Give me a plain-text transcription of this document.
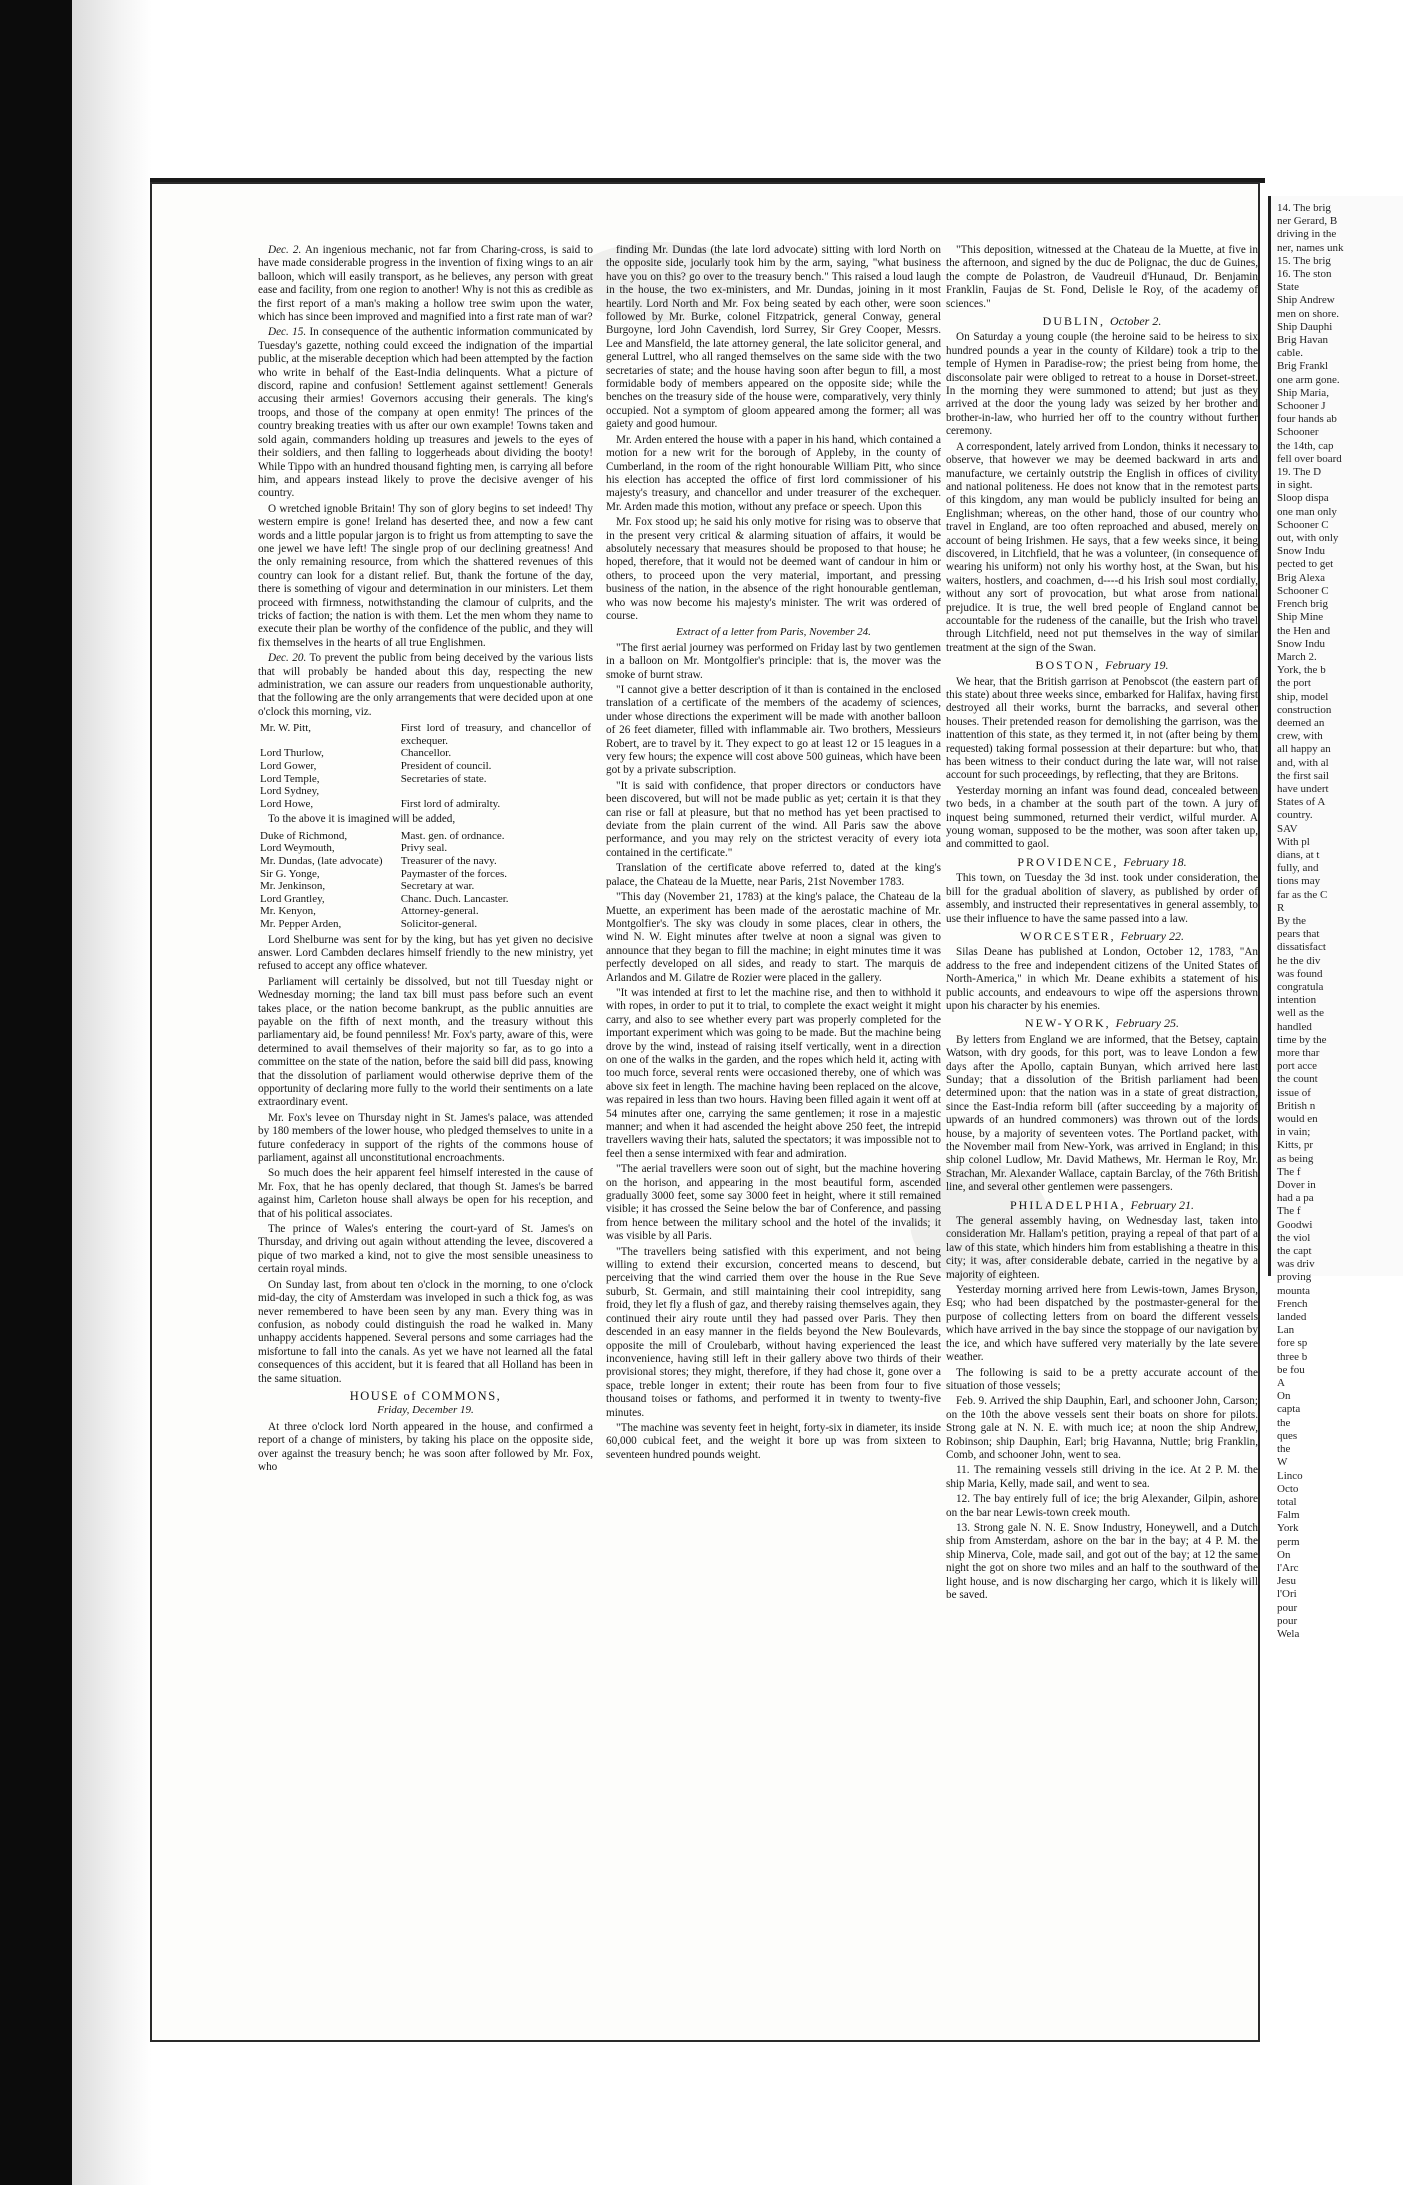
14. The brig
ner Gerard, B
driving in the
ner, names unk
15. The brig
16. The ston
State
Ship Andrew
men on shore.
Ship Dauphi
Brig Havan
cable.
Brig Frankl
one arm gone.
Ship Maria,
Schooner J
four hands ab
Schooner
the 14th, cap
fell over board
19. The D
in sight.
Sloop dispa
one man only
Schooner C
out, with only
Snow Indu
pected to get
Brig Alexa
Schooner C
French brig
Ship Mine
the Hen and
Snow Indu
March 2.
York, the b
the port
ship, model
construction
deemed an
crew, with
all happy an
and, with al
the first sail
have undert
States of A
country.
SAV
With pl
dians, at t
fully, and
tions may
far as the C
R
By the
pears that
dissatisfact
he the div
was found
congratula
intention
well as the
handled
time by the
more thar
port acce
the count
issue of
British n
would en
in vain;
Kitts, pr
as being
The f
Dover in
had a pa
The f
Goodwi
the viol
the capt
was driv
proving
mounta
French
landed
Lan
fore sp
three b
be fou
A
On
capta
the
ques
the
W
Linco
Octo
total
Falm
York
perm
On
l'Arc
Jesu
l'Ori
pour
pour
Wela

Dec. 2. An ingenious mechanic, not far from Charing-cross, is said to have made considerable progress in the invention of fixing wings to an air balloon, which will easily transport, as he believes, any person with great ease and facility, from one region to another! Why is not this as credible as the first report of a man's making a hollow tree swim upon the water, which has since been improved and magnified into a first rate man of war?

Dec. 15. In consequence of the authentic information communicated by Tuesday's gazette, nothing could exceed the indignation of the impartial public, at the miserable deception which had been attempted by the faction who write in behalf of the East-India delinquents. What a picture of discord, rapine and confusion! Settlement against settlement! Generals accusing their armies! Governors accusing their generals. The king's troops, and those of the company at open enmity! The princes of the country breaking treaties with us after our own example! Towns taken and sold again, commanders holding up treasures and jewels to the eyes of their soldiers, and then falling to loggerheads about dividing the booty! While Tippo with an hundred thousand fighting men, is carrying all before him, and appears instead likely to prove the decisive avenger of his country.

O wretched ignoble Britain! Thy son of glory begins to set indeed! Thy western empire is gone! Ireland has deserted thee, and now a few cant words and a little popular jargon is to fright us from attempting to save the one jewel we have left! The single prop of our declining greatness! And the only remaining resource, from which the shattered revenues of this country can look for a distant relief. But, thank the fortune of the day, there is something of vigour and determination in our ministers. Let them proceed with firmness, notwithstanding the clamour of culprits, and the tricks of faction; the nation is with them. Let the men whom they name to execute their plan be worthy of the confidence of the public, and they will fix themselves in the hearts of all true Englishmen.

Dec. 20. To prevent the public from being deceived by the various lists that will probably be handed about this day, respecting the new administration, we can assure our readers from unquestionable authority, that the following are the only arrangements that were decided upon at one o'clock this morning, viz.

Mr. W. Pitt,	First lord of treasury, and chancellor of exchequer.
Lord Thurlow,	Chancellor.
Lord Gower,	President of council.
Lord Temple,	Secretaries of state.
Lord Sydney,	
Lord Howe,	First lord of admiralty.

To the above it is imagined will be added,

Duke of Richmond,	Mast. gen. of ordnance.
Lord Weymouth,	Privy seal.
Mr. Dundas, (late advocate)	Treasurer of the navy.
Sir G. Yonge,	Paymaster of the forces.
Mr. Jenkinson,	Secretary at war.
Lord Grantley,	Chanc. Duch. Lancaster.
Mr. Kenyon,	Attorney-general.
Mr. Pepper Arden,	Solicitor-general.

Lord Shelburne was sent for by the king, but has yet given no decisive answer. Lord Cambden declares himself friendly to the new ministry, yet refused to accept any office whatever.

Parliament will certainly be dissolved, but not till Tuesday night or Wednesday morning; the land tax bill must pass before such an event takes place, or the nation become bankrupt, as the public annuities are payable on the fifth of next month, and the treasury without this parliamentary aid, be found penniless! Mr. Fox's party, aware of this, were determined to avail themselves of their majority so far, as to go into a committee on the state of the nation, before the said bill did pass, knowing that the dissolution of parliament would otherwise deprive them of the opportunity of declaring more fully to the world their sentiments on a late extraordinary event.

Mr. Fox's levee on Thursday night in St. James's palace, was attended by 180 members of the lower house, who pledged themselves to unite in a future confederacy in support of the rights of the commons house of parliament, against all unconstitutional encroachments.

So much does the heir apparent feel himself interested in the cause of Mr. Fox, that he has openly declared, that though St. James's be barred against him, Carleton house shall always be open for his reception, and that of his political associates.

The prince of Wales's entering the court-yard of St. James's on Thursday, and driving out again without attending the levee, discovered a pique of two marked a kind, not to give the most sensible uneasiness to certain royal minds.

On Sunday last, from about ten o'clock in the morning, to one o'clock mid-day, the city of Amsterdam was inveloped in such a thick fog, as was never remembered to have been seen by any man. Every thing was in confusion, as nobody could distinguish the road he walked in. Many unhappy accidents happened. Several persons and some carriages had the misfortune to fall into the canals. As yet we have not learned all the fatal consequences of this accident, but it is feared that all Holland has been in the same situation.

HOUSE of COMMONS,
Friday, December 19.

At three o'clock lord North appeared in the house, and confirmed a report of a change of ministers, by taking his place on the opposite side, over against the treasury bench; he was soon after followed by Mr. Fox, who

finding Mr. Dundas (the late lord advocate) sitting with lord North on the opposite side, jocularly took him by the arm, saying, "what business have you on this? go over to the treasury bench." This raised a loud laugh in the house, the two ex-ministers, and Mr. Dundas, joining in it most heartily. Lord North and Mr. Fox being seated by each other, were soon followed by Mr. Burke, colonel Fitzpatrick, general Conway, general Burgoyne, lord John Cavendish, lord Surrey, Sir Grey Cooper, Messrs. Lee and Mansfield, the late attorney general, the late solicitor general, and general Luttrel, who all ranged themselves on the same side with the two secretaries of state; and the house having soon after begun to fill, a most formidable body of members appeared on the opposite side; while the benches on the treasury side of the house were, comparatively, very thinly occupied. Not a symptom of gloom appeared among the former; all was gaiety and good humour.

Mr. Arden entered the house with a paper in his hand, which contained a motion for a new writ for the borough of Appleby, in the county of Cumberland, in the room of the right honourable William Pitt, who since his election has accepted the office of first lord commissioner of his majesty's treasury, and chancellor and under treasurer of the exchequer. Mr. Arden made this motion, without any preface or speech. Upon this

Mr. Fox stood up; he said his only motive for rising was to observe that in the present very critical & alarming situation of affairs, it would be absolutely necessary that measures should be proposed to that house; he hoped, therefore, that it would not be deemed want of candour in him or others, to proceed upon the very material, important, and pressing business of the nation, in the absence of the right honourable gentleman, who was now become his majesty's minister. The writ was ordered of course.

Extract of a letter from Paris, November 24.

"The first aerial journey was performed on Friday last by two gentlemen in a balloon on Mr. Montgolfier's principle: that is, the mover was the smoke of burnt straw.

"I cannot give a better description of it than is contained in the enclosed translation of a certificate of the members of the academy of sciences, under whose directions the experiment will be made with another balloon of 26 feet diameter, filled with inflammable air. Two brothers, Messieurs Robert, are to travel by it. They expect to go at least 12 or 15 leagues in a very few hours; the expence will cost above 500 guineas, which have been got by a private subscription.

"It is said with confidence, that proper directors or conductors have been discovered, but will not be made public as yet; certain it is that they can rise or fall at pleasure, but that no method has yet been practised to deviate from the plain current of the wind. All Paris saw the above performance, and you may rely on the strictest veracity of every iota contained in the certificate."

Translation of the certificate above referred to, dated at the king's palace, the Chateau de la Muette, near Paris, 21st November 1783.

"This day (November 21, 1783) at the king's palace, the Chateau de la Muette, an experiment has been made of the aerostatic machine of Mr. Montgolfier's. The sky was cloudy in some places, clear in others, the wind N. W. Eight minutes after twelve at noon a signal was given to announce that they began to fill the machine; in eight minutes time it was perfectly developed on all sides, and ready to start. The marquis de Arlandos and M. Gilatre de Rozier were placed in the gallery.

"It was intended at first to let the machine rise, and then to withhold it with ropes, in order to put it to trial, to complete the exact weight it might carry, and also to see whether every part was properly completed for the important experiment which was going to be made. But the machine being drove by the wind, instead of raising itself vertically, went in a direction on one of the walks in the garden, and the ropes which held it, acting with too much force, several rents were occasioned thereby, one of which was above six feet in length. The machine having been replaced on the alcove, was repaired in less than two hours. Having been filled again it went off at 54 minutes after one, carrying the same gentlemen; it rose in a majestic manner; and when it had ascended the height above 250 feet, the intrepid travellers waving their hats, saluted the spectators; it was impossible not to feel then a sense intermixed with fear and admiration.

"The aerial travellers were soon out of sight, but the machine hovering on the horison, and appearing in the most beautiful form, ascended gradually 3000 feet, some say 3000 feet in height, where it still remained visible; it has crossed the Seine below the bar of Conference, and passing from hence between the military school and the hotel of the invalids; it was visible by all Paris.

"The travellers being satisfied with this experiment, and not being willing to extend their excursion, concerted means to descend, but perceiving that the wind carried them over the house in the Rue Seve suburb, St. Germain, and still maintaining their cool intrepidity, sang froid, they let fly a flush of gaz, and thereby raising themselves again, they continued their airy route until they had passed over Paris. They then descended in an easy manner in the fields beyond the New Boulevards, opposite the mill of Croulebarb, without having experienced the least inconvenience, having still left in their gallery above two thirds of their provisional stores; they might, therefore, if they had chose it, gone over a space, treble longer in extent; their route has been from four to five thousand toises or fathoms, and performed it in twenty to twenty-five minutes.

"The machine was seventy feet in height, forty-six in diameter, its inside 60,000 cubical feet, and the weight it bore up was from sixteen to seventeen hundred pounds weight.

"This deposition, witnessed at the Chateau de la Muette, at five in the afternoon, and signed by the duc de Polignac, the duc de Guines, the compte de Polastron, de Vaudreuil d'Hunaud, Dr. Benjamin Franklin, Faujas de St. Fond, Delisle le Roy, of the academy of sciences."

DUBLIN, October 2.

On Saturday a young couple (the heroine said to be heiress to six hundred pounds a year in the county of Kildare) took a trip to the temple of Hymen in Paradise-row; the priest being from home, the disconsolate pair were obliged to retreat to a house in Dorset-street. In the morning they were summoned to attend; but just as they arrived at the door the young lady was seized by her brother and brother-in-law, who hurried her off to the country without further ceremony.

A correspondent, lately arrived from London, thinks it necessary to observe, that however we may be deemed backward in arts and manufacture, we certainly outstrip the English in offices of civility and national politeness. He does not know that in the remotest parts of this kingdom, any man would be publicly insulted for being an Englishman; whereas, on the other hand, those of our country who travel in England, are too often reproached and abused, merely on account of being Irishmen. He says, that a few weeks since, it being discovered, in Litchfield, that he was a volunteer, (in consequence of wearing his uniform) not only his worthy host, at the Swan, but his waiters, hostlers, and coachmen, d----d his Irish soul most cordially, without any sort of provocation, but what arose from national prejudice. It is true, the well bred people of England cannot be accountable for the rudeness of the canaille, but the Irish who travel through Litchfield, need not put themselves in the way of similar treatment at the sign of the Swan.

BOSTON, February 19.

We hear, that the British garrison at Penobscot (the eastern part of this state) about three weeks since, embarked for Halifax, having first destroyed all their works, burnt the barracks, and several other houses. Their pretended reason for demolishing the garrison, was the inattention of this state, as they termed it, in not (after being by them requested) taking formal possession at their departure: but who, that has been witness to their conduct during the late war, will not raise account for such proceedings, by reflecting, that they are Britons.

Yesterday morning an infant was found dead, concealed between two beds, in a chamber at the south part of the town. A jury of inquest being summoned, returned their verdict, wilful murder. A young woman, supposed to be the mother, was soon after taken up, and committed to gaol.

PROVIDENCE, February 18.

This town, on Tuesday the 3d inst. took under consideration, the bill for the gradual abolition of slavery, as published by order of assembly, and instructed their representatives in general assembly, to use their influence to have the same passed into a law.

WORCESTER, February 22.

Silas Deane has published at London, October 12, 1783, "An address to the free and independent citizens of the United States of North-America," in which Mr. Deane exhibits a statement of his public accounts, and endeavours to wipe off the aspersions thrown upon his character by his enemies.

NEW-YORK, February 25.

By letters from England we are informed, that the Betsey, captain Watson, with dry goods, for this port, was to leave London a few days after the Apollo, captain Bunyan, which arrived here last Sunday; that a dissolution of the British parliament had been determined upon: that the nation was in a state of great distraction, since the East-India reform bill (after succeeding by a majority of upwards of an hundred commoners) was thrown out of the lords house, by a majority of seventeen votes. The Portland packet, with the November mail from New-York, was arrived in England; in this ship colonel Ludlow, Mr. David Mathews, Mr. Herman le Roy, Mr. Strachan, Mr. Alexander Wallace, captain Barclay, of the 76th British line, and several other gentlemen were passengers.

PHILADELPHIA, February 21.

The general assembly having, on Wednesday last, taken into consideration Mr. Hallam's petition, praying a repeal of that part of a law of this state, which hinders him from establishing a theatre in this city; it was, after considerable debate, carried in the negative by a majority of eighteen.

Yesterday morning arrived here from Lewis-town, James Bryson, Esq; who had been dispatched by the postmaster-general for the purpose of collecting letters from on board the different vessels which have arrived in the bay since the stoppage of our navigation by the ice, and which have suffered very materially by the late severe weather.

The following is said to be a pretty accurate account of the situation of those vessels;

Feb. 9. Arrived the ship Dauphin, Earl, and schooner John, Carson; on the 10th the above vessels sent their boats on shore for pilots. Strong gale at N. N. E. with much ice; at noon the ship Andrew, Robinson; ship Dauphin, Earl; brig Havanna, Nuttle; brig Franklin, Comb, and schooner John, went to sea.

11. The remaining vessels still driving in the ice. At 2 P. M. the ship Maria, Kelly, made sail, and went to sea.

12. The bay entirely full of ice; the brig Alexander, Gilpin, ashore on the bar near Lewis-town creek mouth.

13. Strong gale N. N. E. Snow Industry, Honeywell, and a Dutch ship from Amsterdam, ashore on the bar in the bay; at 4 P. M. the ship Minerva, Cole, made sail, and got out of the bay; at 12 the same night the got on shore two miles and an half to the southward of the light house, and is now discharging her cargo, which it is likely will be saved.
